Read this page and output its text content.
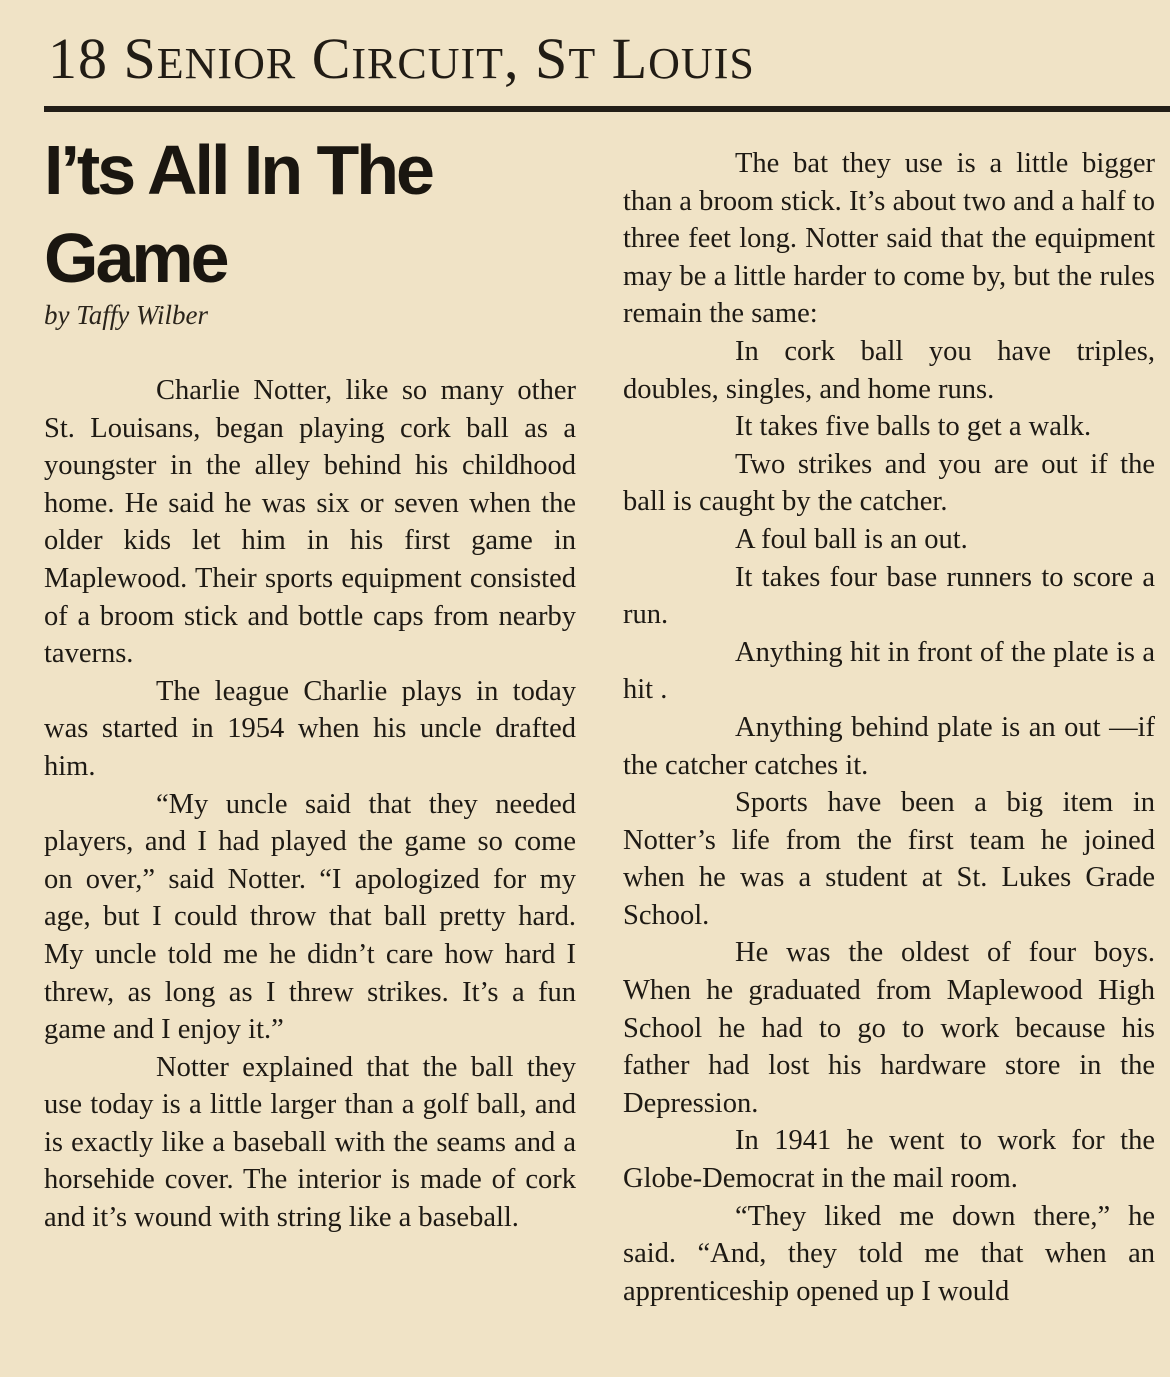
18 SENIOR CIRCUIT, ST LOUIS
I’ts All In The Game
by Taffy Wilber

Charlie Notter, like so many other St. Louisans, began playing cork ball as a youngster in the alley behind his childhood home. He said he was six or seven when the older kids let him in his first game in Maplewood. Their sports equipment consisted of a broom stick and bottle caps from nearby taverns.

The league Charlie plays in today was started in 1954 when his uncle drafted him.

“My uncle said that they needed players, and I had played the game so come on over,” said Notter. “I apologized for my age, but I could throw that ball pretty hard. My uncle told me he didn’t care how hard I threw, as long as I threw strikes. It’s a fun game and I enjoy it.”

Notter explained that the ball they use today is a little larger than a golf ball, and is exactly like a baseball with the seams and a horsehide cover. The interior is made of cork and it’s wound with string like a baseball.

The bat they use is a little bigger than a broom stick. It’s about two and a half to three feet long. Notter said that the equipment may be a little harder to come by, but the rules remain the same:

In cork ball you have triples, doubles, singles, and home runs.

It takes five balls to get a walk.

Two strikes and you are out if the ball is caught by the catcher.

A foul ball is an out.

It takes four base runners to score a run.

Anything hit in front of the plate is a hit .

Anything behind plate is an out —if the catcher catches it.

Sports have been a big item in Notter’s life from the first team he joined when he was a student at St. Lukes Grade School.

He was the oldest of four boys. When he graduated from Maplewood High School he had to go to work because his father had lost his hardware store in the Depression.

In 1941 he went to work for the Globe-Democrat in the mail room.

“They liked me down there,” he said. “And, they told me that when an apprenticeship opened up I would
